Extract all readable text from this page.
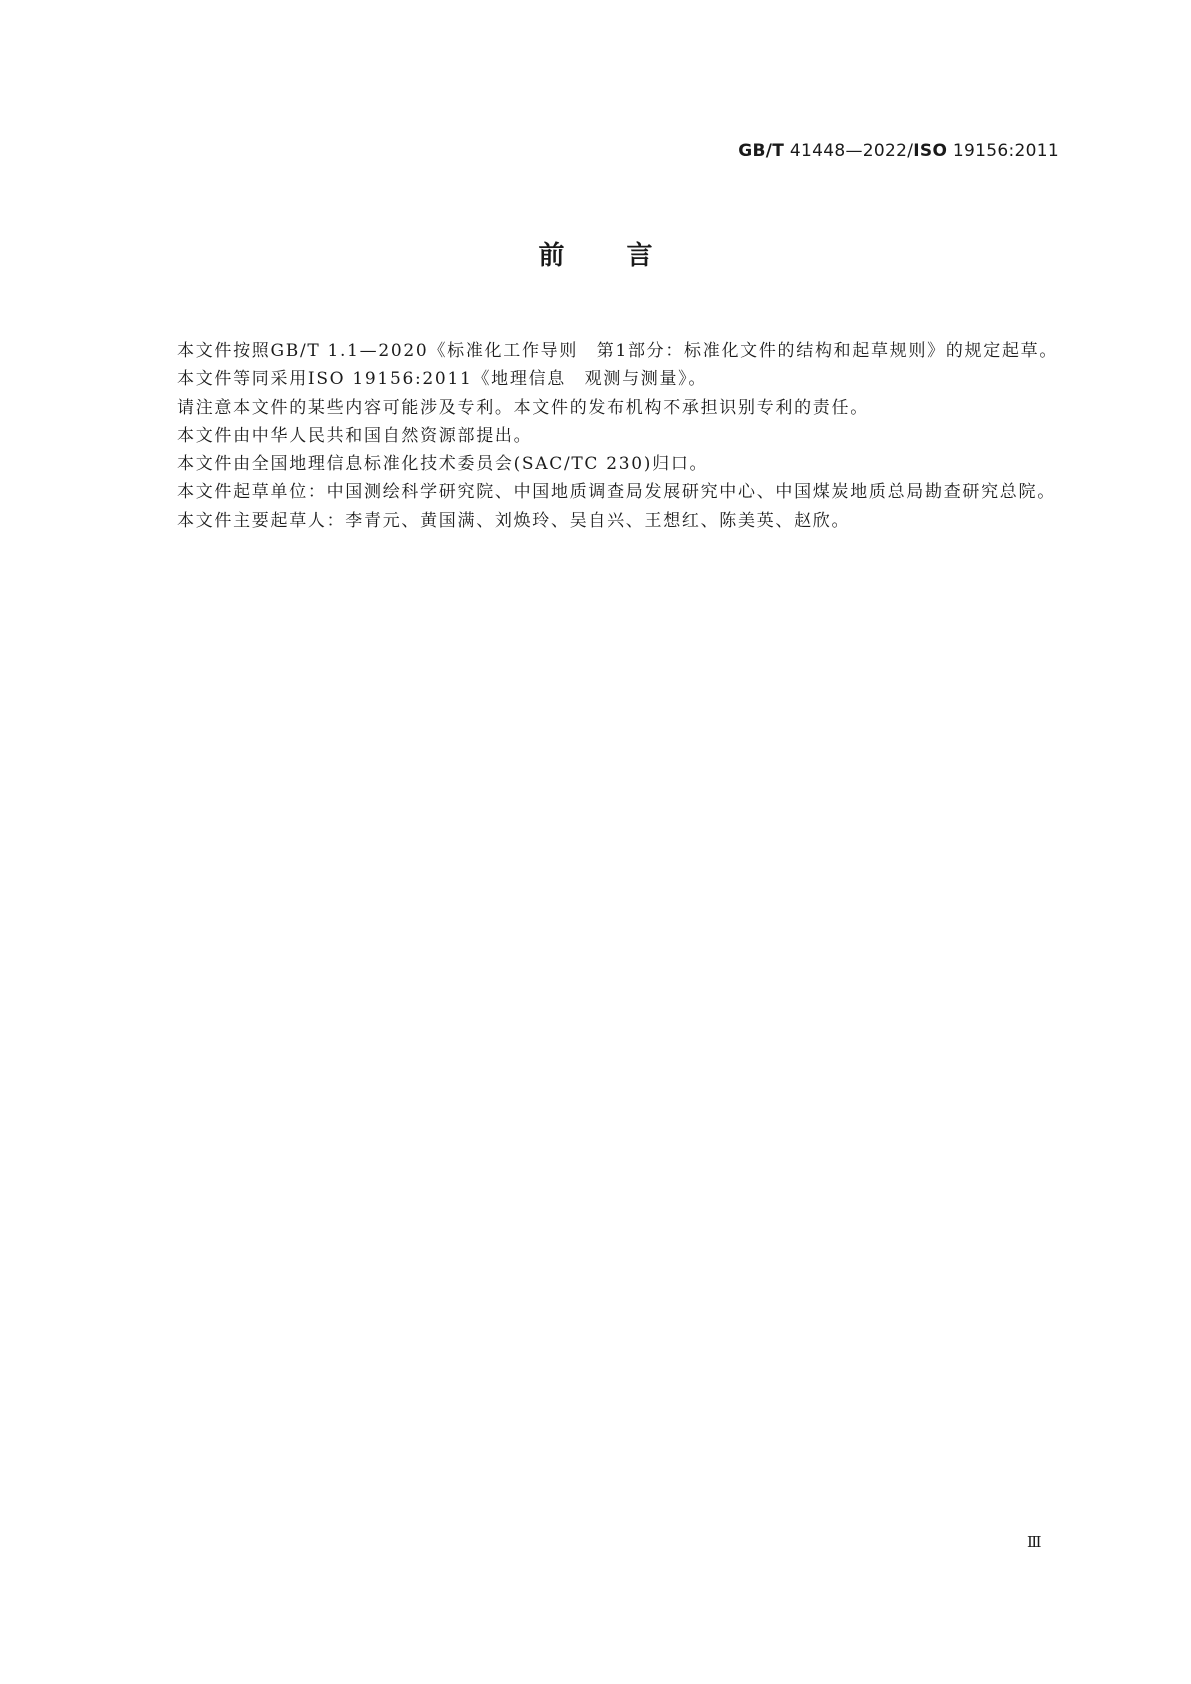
GB/T 41448—2022/ISO 19156:2011
前 言

本文件按照GB/T 1.1—2020《标准化工作导则　第1部分：标准化文件的结构和起草规则》的规定起草。

本文件等同采用ISO 19156:2011《地理信息　观测与测量》。

请注意本文件的某些内容可能涉及专利。本文件的发布机构不承担识别专利的责任。

本文件由中华人民共和国自然资源部提出。

本文件由全国地理信息标准化技术委员会(SAC/TC 230)归口。

本文件起草单位：中国测绘科学研究院、中国地质调查局发展研究中心、中国煤炭地质总局勘查研究总院。

本文件主要起草人：李青元、黄国满、刘焕玲、吴自兴、王想红、陈美英、赵欣。

Ⅲ
